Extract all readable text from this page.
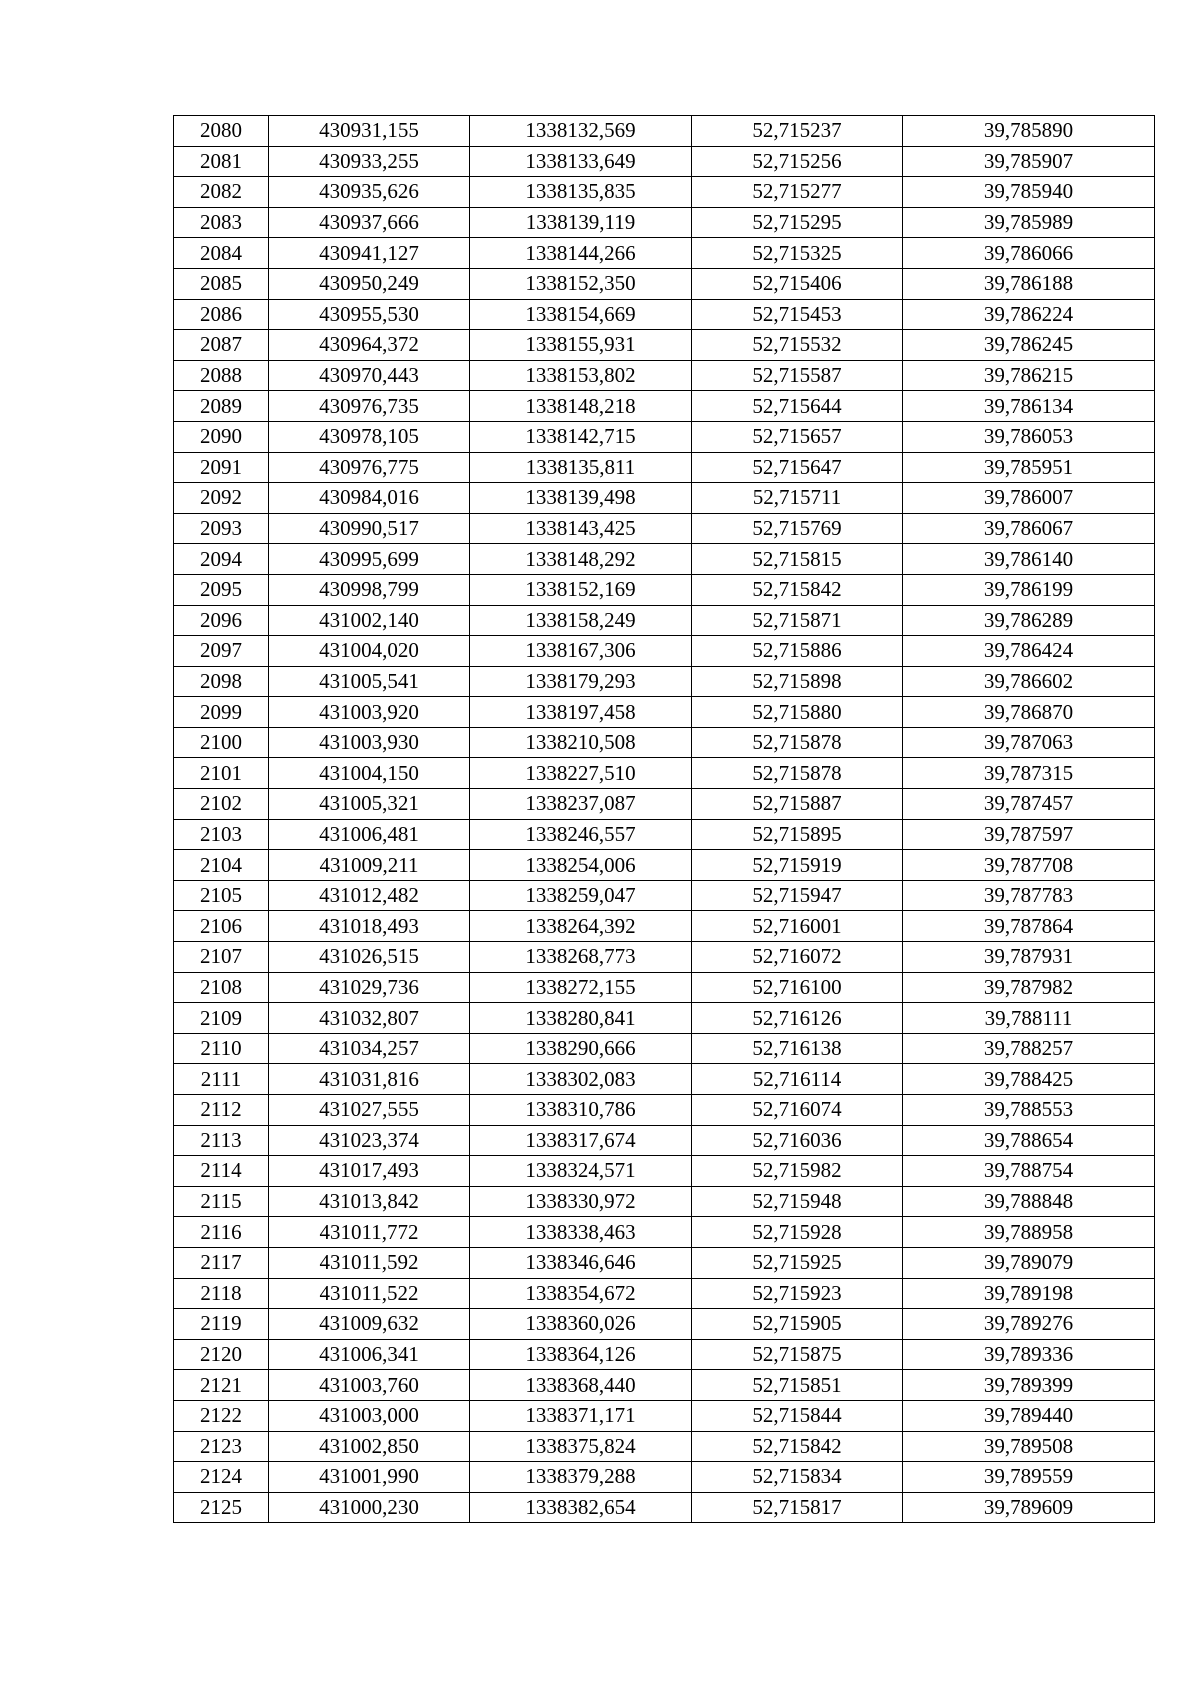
2080	430931,155	1338132,569	52,715237	39,785890
2081	430933,255	1338133,649	52,715256	39,785907
2082	430935,626	1338135,835	52,715277	39,785940
2083	430937,666	1338139,119	52,715295	39,785989
2084	430941,127	1338144,266	52,715325	39,786066
2085	430950,249	1338152,350	52,715406	39,786188
2086	430955,530	1338154,669	52,715453	39,786224
2087	430964,372	1338155,931	52,715532	39,786245
2088	430970,443	1338153,802	52,715587	39,786215
2089	430976,735	1338148,218	52,715644	39,786134
2090	430978,105	1338142,715	52,715657	39,786053
2091	430976,775	1338135,811	52,715647	39,785951
2092	430984,016	1338139,498	52,715711	39,786007
2093	430990,517	1338143,425	52,715769	39,786067
2094	430995,699	1338148,292	52,715815	39,786140
2095	430998,799	1338152,169	52,715842	39,786199
2096	431002,140	1338158,249	52,715871	39,786289
2097	431004,020	1338167,306	52,715886	39,786424
2098	431005,541	1338179,293	52,715898	39,786602
2099	431003,920	1338197,458	52,715880	39,786870
2100	431003,930	1338210,508	52,715878	39,787063
2101	431004,150	1338227,510	52,715878	39,787315
2102	431005,321	1338237,087	52,715887	39,787457
2103	431006,481	1338246,557	52,715895	39,787597
2104	431009,211	1338254,006	52,715919	39,787708
2105	431012,482	1338259,047	52,715947	39,787783
2106	431018,493	1338264,392	52,716001	39,787864
2107	431026,515	1338268,773	52,716072	39,787931
2108	431029,736	1338272,155	52,716100	39,787982
2109	431032,807	1338280,841	52,716126	39,788111
2110	431034,257	1338290,666	52,716138	39,788257
2111	431031,816	1338302,083	52,716114	39,788425
2112	431027,555	1338310,786	52,716074	39,788553
2113	431023,374	1338317,674	52,716036	39,788654
2114	431017,493	1338324,571	52,715982	39,788754
2115	431013,842	1338330,972	52,715948	39,788848
2116	431011,772	1338338,463	52,715928	39,788958
2117	431011,592	1338346,646	52,715925	39,789079
2118	431011,522	1338354,672	52,715923	39,789198
2119	431009,632	1338360,026	52,715905	39,789276
2120	431006,341	1338364,126	52,715875	39,789336
2121	431003,760	1338368,440	52,715851	39,789399
2122	431003,000	1338371,171	52,715844	39,789440
2123	431002,850	1338375,824	52,715842	39,789508
2124	431001,990	1338379,288	52,715834	39,789559
2125	431000,230	1338382,654	52,715817	39,789609
